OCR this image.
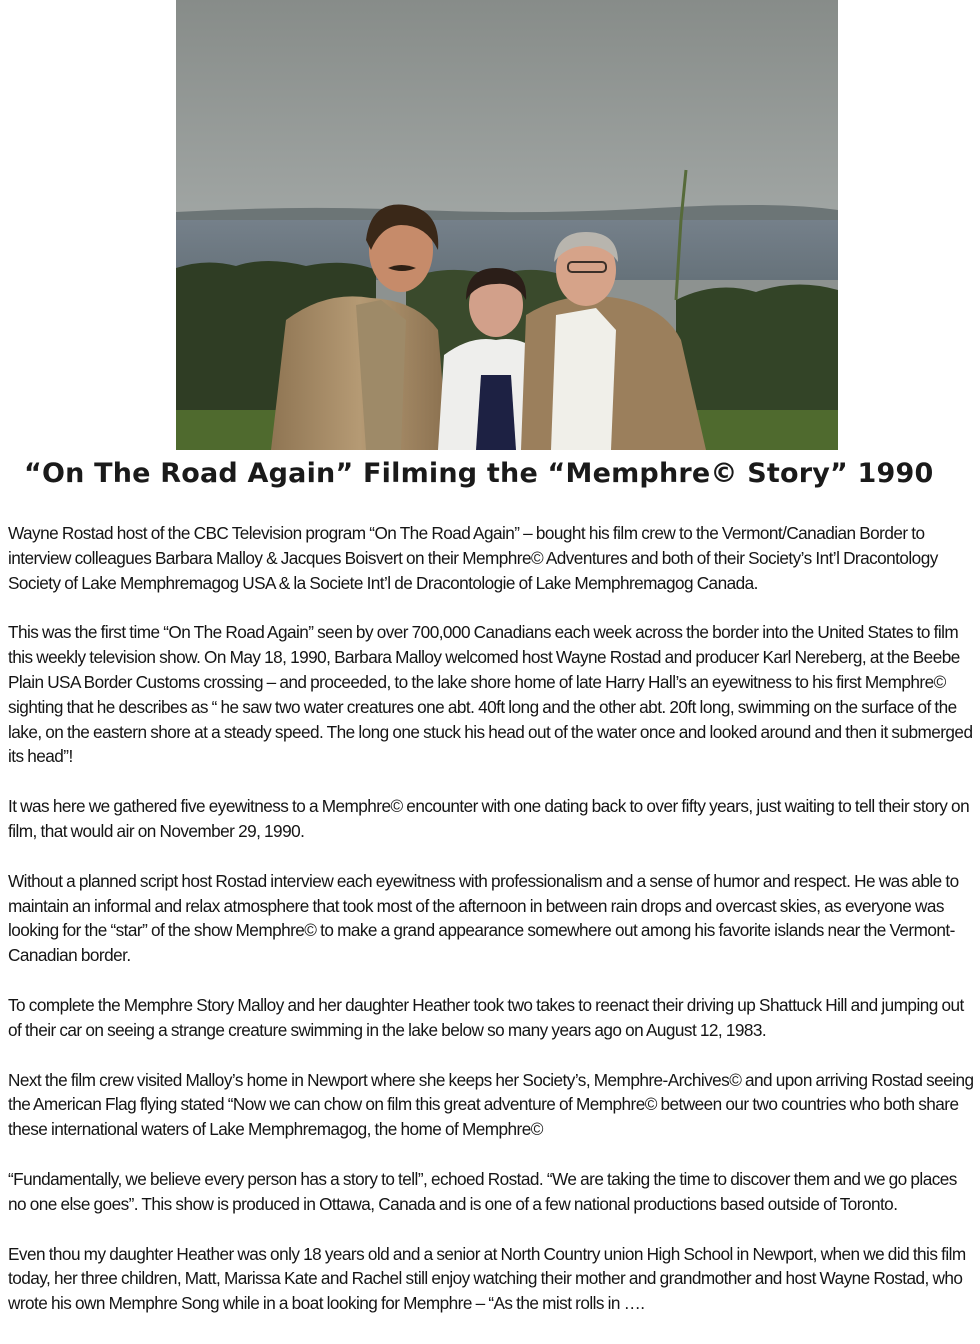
“On The Road Again” Filming the “Memphre© Story” 1990

Wayne Rostad host of the CBC Television program “On The Road Again” – bought his film crew to the Vermont/Canadian Border to interview colleagues Barbara Malloy & Jacques Boisvert on their Memphre© Adventures and both of their Society’s Int’l Dracontology Society of Lake Memphremagog USA & la Societe Int’l de Dracontologie of Lake Memphremagog Canada.

This was the first time “On The Road Again” seen by over 700,000 Canadians each week across the border into the United States to film this weekly television show. On May 18, 1990, Barbara Malloy welcomed host Wayne Rostad and producer Karl Nereberg, at the Beebe Plain USA Border Customs crossing – and proceeded, to the lake shore home of late Harry Hall’s an eyewitness to his first Memphre© sighting that he describes as “ he saw two water creatures one abt. 40ft long and the other abt. 20ft long, swimming on the surface of the lake, on the eastern shore at a steady speed. The long one stuck his head out of the water once and looked around and then it submerged its head”!

It was here we gathered five eyewitness to a Memphre© encounter with one dating back to over fifty years, just waiting to tell their story on film, that would air on November 29, 1990.

Without a planned script host Rostad interview each eyewitness with professionalism and a sense of humor and respect. He was able to maintain an informal and relax atmosphere that took most of the afternoon in between rain drops and overcast skies, as everyone was looking for the “star” of the show Memphre© to make a grand appearance somewhere out among his favorite islands near the Vermont-Canadian border.

To complete the Memphre Story Malloy and her daughter Heather took two takes to reenact their driving up Shattuck Hill and jumping out of their car on seeing a strange creature swimming in the lake below so many years ago on August 12, 1983.

Next the film crew visited Malloy’s home in Newport where she keeps her Society’s, Memphre-Archives© and upon arriving Rostad seeing the American Flag flying stated “Now we can chow on film this great adventure of Memphre© between our two countries who both share these international waters of Lake Memphremagog, the home of Memphre©

“Fundamentally, we believe every person has a story to tell”, echoed Rostad. “We are taking the time to discover them and we go places no one else goes”. This show is produced in Ottawa, Canada and is one of a few national productions based outside of Toronto.

Even thou my daughter Heather was only 18 years old and a senior at North Country union High School in Newport, when we did this film today, her three children, Matt, Marissa Kate and Rachel still enjoy watching their mother and grandmother and host Wayne Rostad, who wrote his own Memphre Song while in a boat looking for Memphre – “As the mist rolls in ….
